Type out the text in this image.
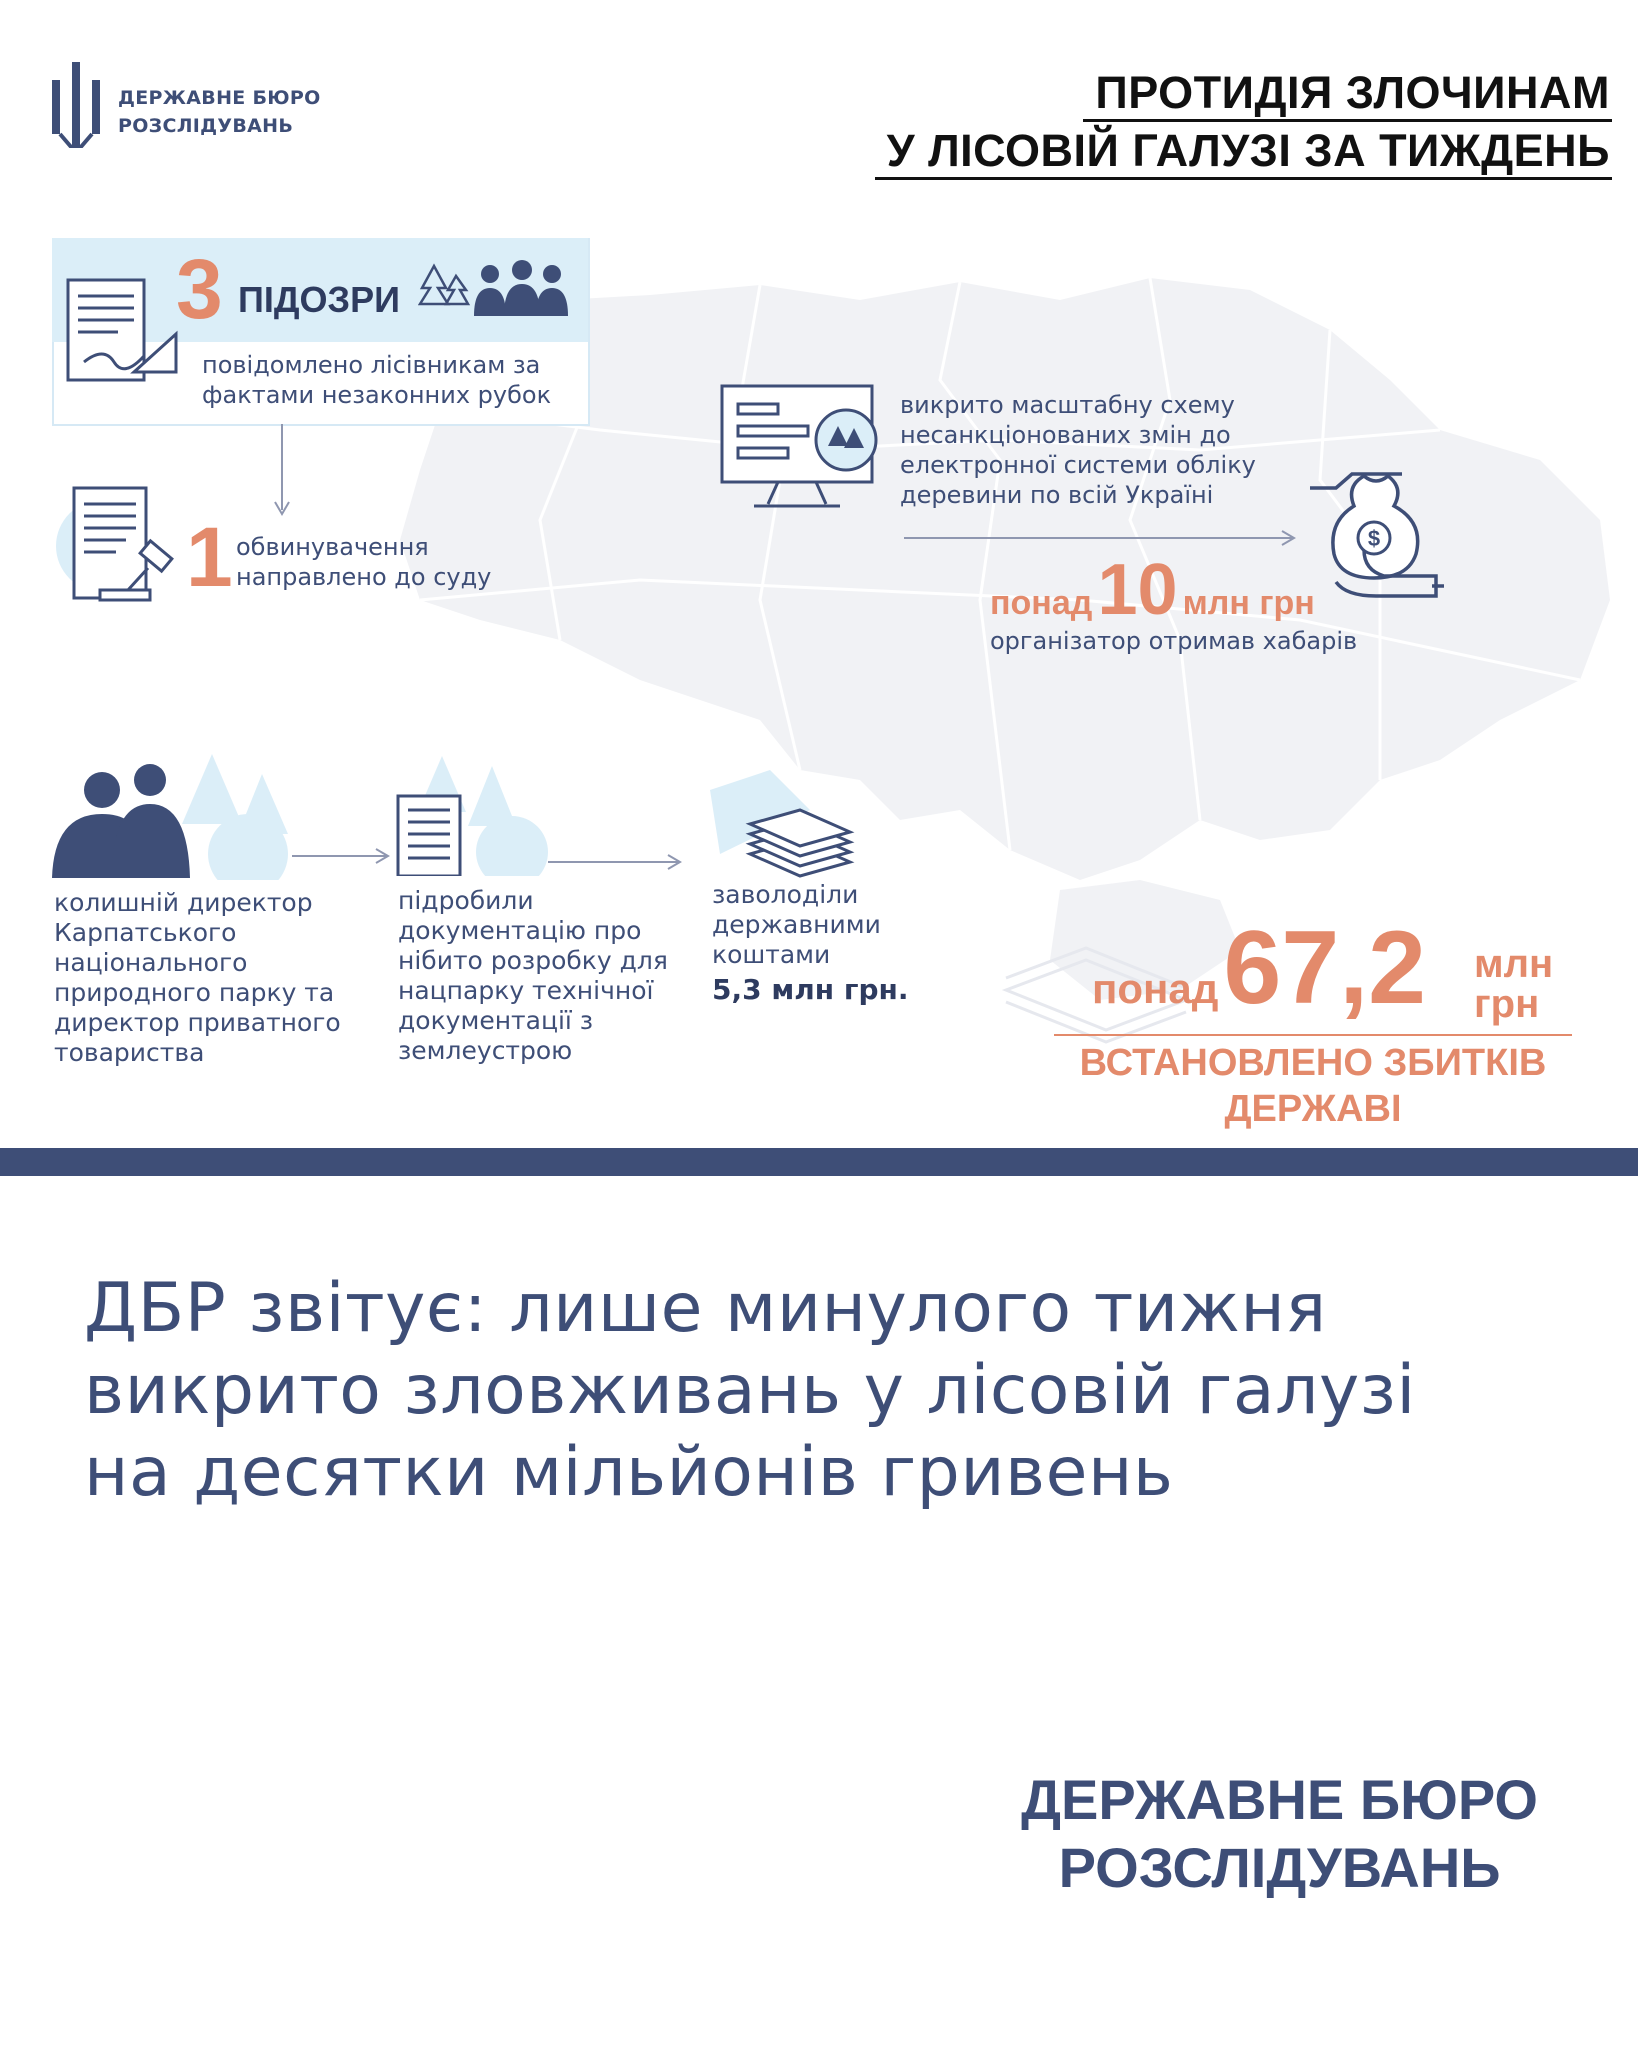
ДЕРЖАВНЕ БЮРО
РОЗСЛІДУВАНЬ
ПРОТИДІЯ ЗЛОЧИНАМ
У ЛІСОВІЙ ГАЛУЗІ ЗА ТИЖДЕНЬ
3 ПІДОЗРИ
повідомлено лісівникам за
фактами незаконних рубок
1 обвинувачення
направлено до суду
викрито масштабну схему
несанкціонованих змін до
електронної системи обліку
деревини по всій Україні
$
понад 10 млн грн
організатор отримав хабарів
колишній директор
Карпатського
національного
природного парку та
директор приватного
товариства
підробили
документацію про
нібито розробку для
нацпарку технічної
документації з
землеустрою
заволоділи
державними
коштами
5,3 млн грн.	понад 67,2 млн
грн
ВСТАНОВЛЕНО ЗБИТКІВ
ДЕРЖАВІ
ДБР звітує: лише минулого тижня
викрито зловживань у лісовій галузі
на десятки мільйонів гривень
ДЕРЖАВНЕ БЮРО
РОЗСЛІДУВАНЬ
